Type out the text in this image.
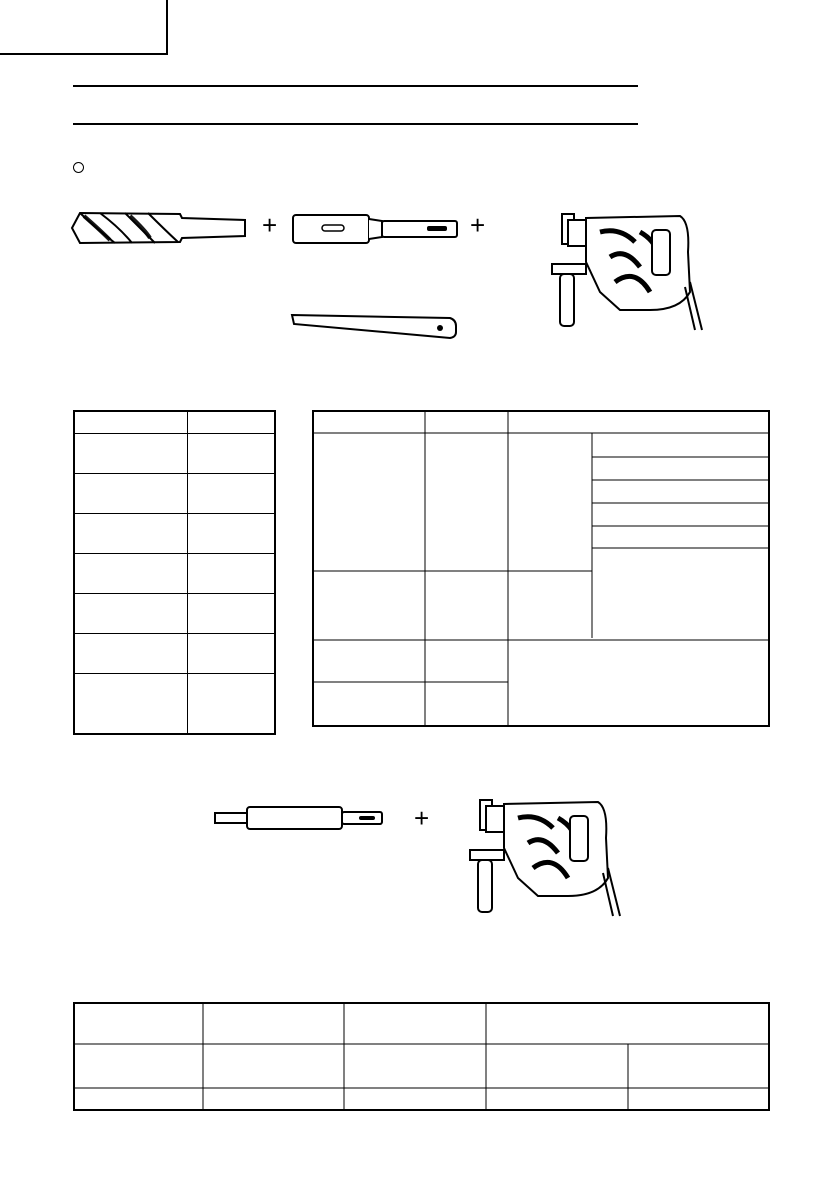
+	+

+
